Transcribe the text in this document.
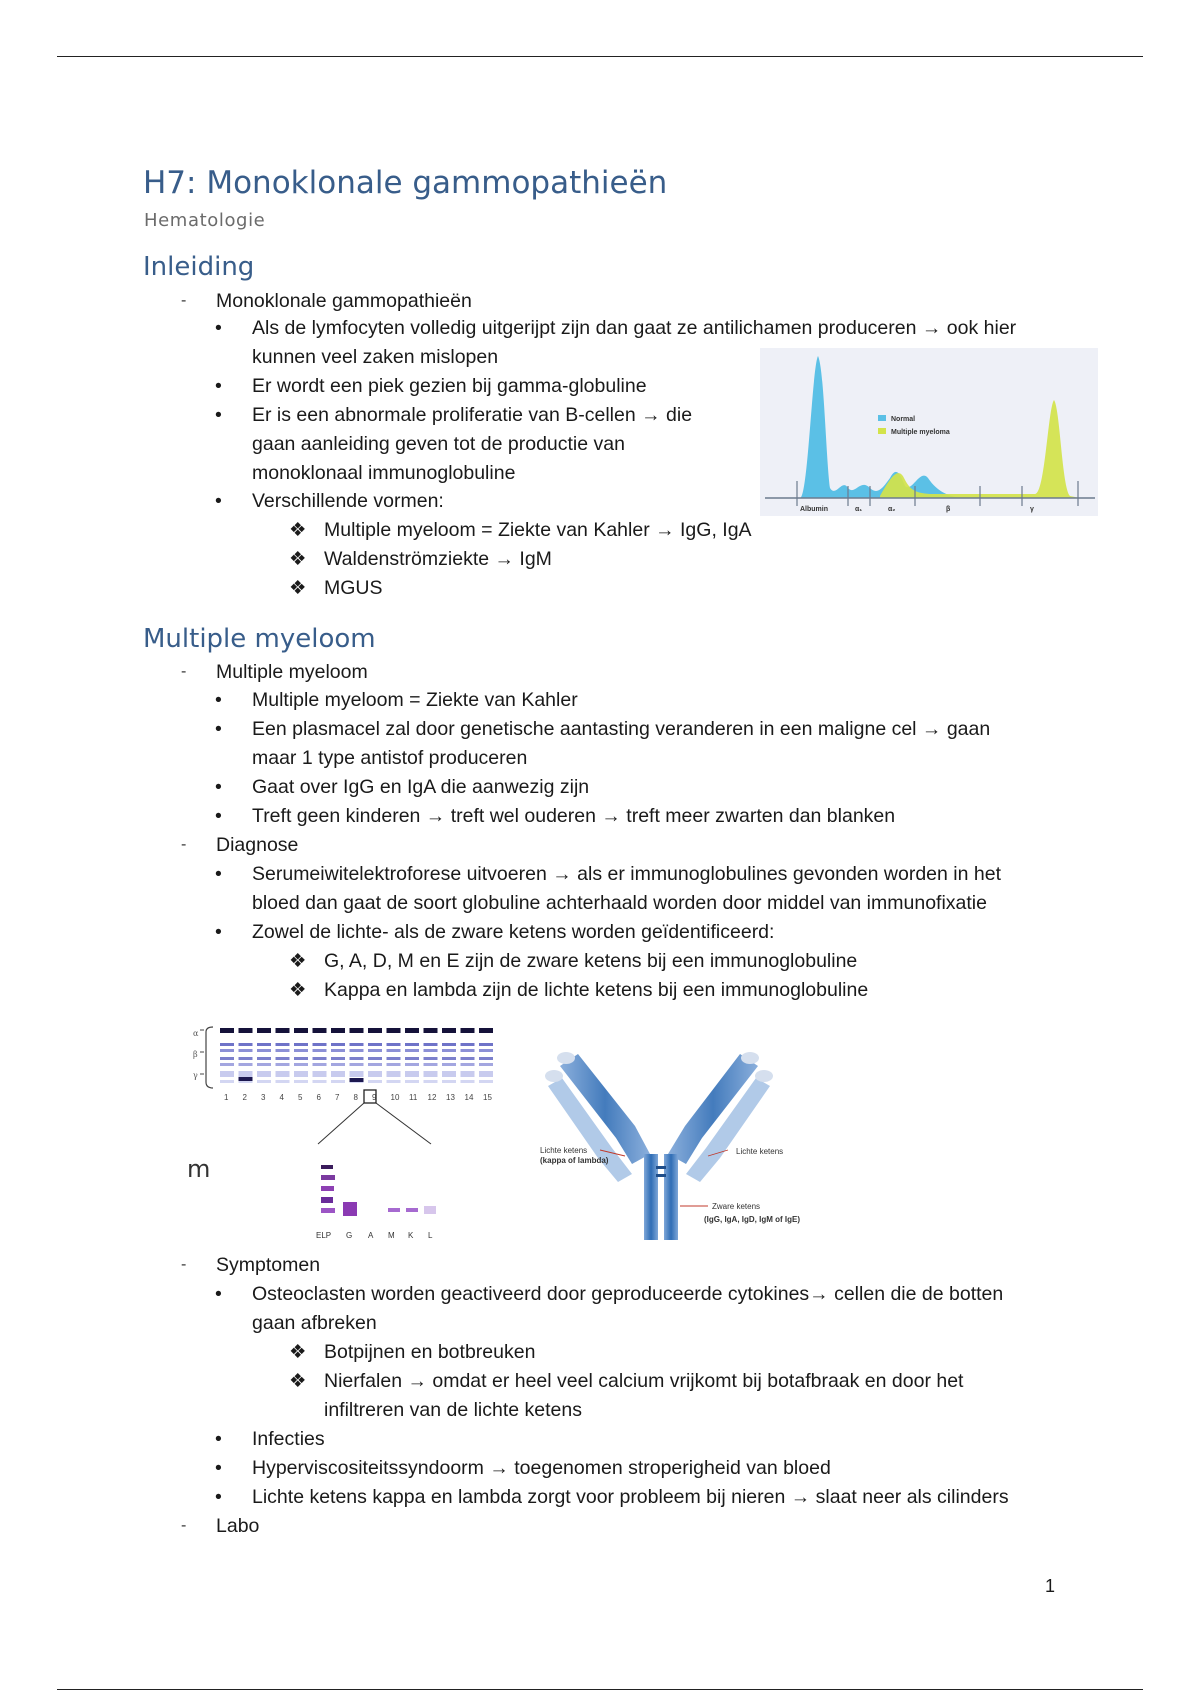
H7: Monoklonale gammopathieën
Hematologie
Inleiding
- Monoklonale gammopathieën
• Als de lymfocyten volledig uitgerijpt zijn dan gaat ze antilichamen produceren → ook hier
kunnen veel zaken mislopen
• Er wordt een piek gezien bij gamma-globuline
• Er is een abnormale proliferatie van B-cellen → die
gaan aanleiding geven tot de productie van
monoklonaal immunoglobuline
• Verschillende vormen:
❖ Multiple myeloom = Ziekte van Kahler → IgG, IgA
❖ Waldenströmziekte → IgM
❖ MGUS
Normal
Multiple myeloma
Albumin	α₁	α₂	β	γ
Multiple myeloom
- Multiple myeloom
• Multiple myeloom = Ziekte van Kahler
• Een plasmacel zal door genetische aantasting veranderen in een maligne cel → gaan
maar 1 type antistof produceren
• Gaat over IgG en IgA die aanwezig zijn
• Treft geen kinderen → treft wel ouderen → treft meer zwarten dan blanken
- Diagnose
• Serumeiwitelektroforese uitvoeren → als er immunoglobulines gevonden worden in het
bloed dan gaat de soort globuline achterhaald worden door middel van immunofixatie
• Zowel de lichte- als de zware ketens worden geïdentificeerd:
❖ G, A, D, M en E zijn de zware ketens bij een immunoglobuline
❖ Kappa en lambda zijn de lichte ketens bij een immunoglobuline
α
β
γ
1 2 3 4 5 6 7 8 9 10 11 12 13 14 15
ELP G A M K L
m
Lichte ketens
(kappa of lambda)
Lichte ketens
Zware ketens
(IgG, IgA, IgD, IgM of IgE)
- Symptomen
• Osteoclasten worden geactiveerd door geproduceerde cytokines→ cellen die de botten
gaan afbreken
❖ Botpijnen en botbreuken
❖ Nierfalen → omdat er heel veel calcium vrijkomt bij botafbraak en door het
infiltreren van de lichte ketens
• Infecties
• Hyperviscositeitssyndoorm → toegenomen stroperigheid van bloed
• Lichte ketens kappa en lambda zorgt voor probleem bij nieren → slaat neer als cilinders
- Labo
1
